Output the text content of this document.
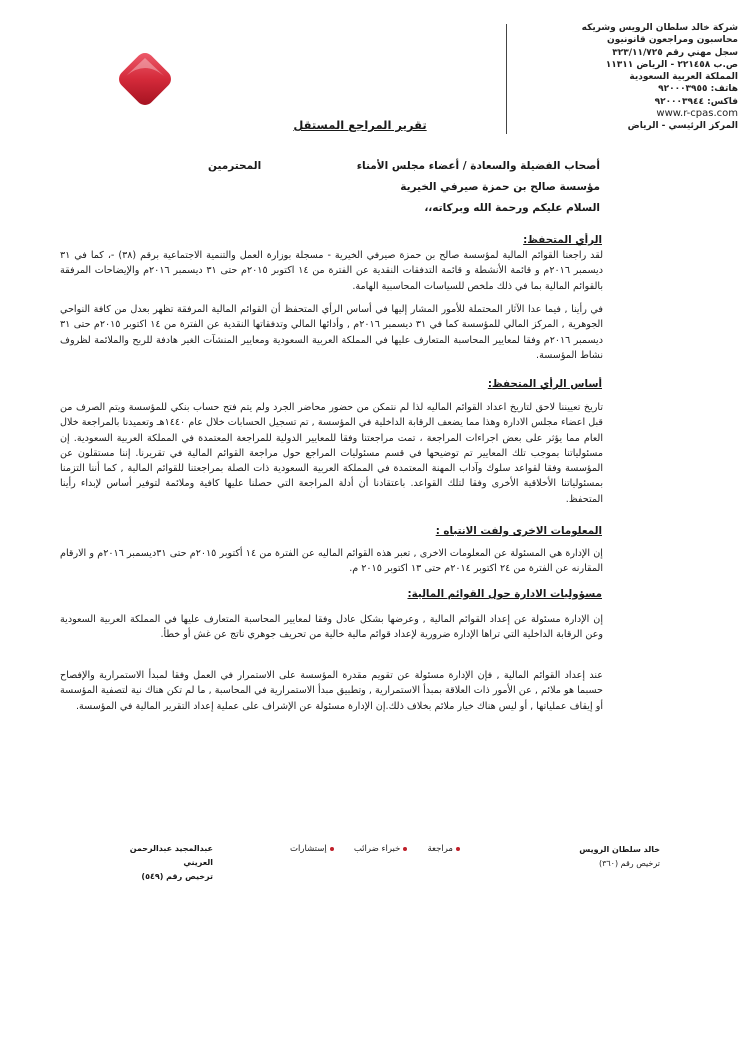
شركة خالد سلطان الرويس وشريكه
محاسبون ومراجعون قانونيون
سجل مهني رقم ٣٢٣/١١/٧٢٥
ص.ب ٢٢١٤٥٨ - الرياض ١١٣١١
المملكة العربية السعودية
هاتف: ٩٢٠٠٠٣٩٥٥
فاكس: ٩٢٠٠٠٣٩٤٤
www.r-cpas.com
المركز الرئيسي - الرياض
تقرير المراجع المستقل
أصحاب الفضيلة والسعادة / أعضاء مجلس الأمناء
المحترمين
مؤسسة صالح بن حمزة صيرفي الخيرية
السلام عليكم ورحمة الله وبركاته،،
الرأي المتحفظ:
لقد راجعنا القوائم المالية لمؤسسة صالح بن حمزة صيرفي الخيرية - مسجلة بوزارة العمل والتنمية الاجتماعية برقم (٣٨) -، كما في ٣١ ديسمبر ٢٠١٦م و قائمة الأنشطة و قائمة التدفقات النقدية عن الفترة من ١٤ اكتوبر ٢٠١٥م حتى ٣١ ديسمبر ٢٠١٦م والإيضاحات المرفقة بالقوائم المالية بما في ذلك ملخص للسياسات المحاسبية الهامة.
في رأينا , فيما عدا الآثار المحتملة للأمور المشار إليها في أساس الرأي المتحفظ أن القوائم المالية المرفقة تظهر بعدل من كافة النواحي الجوهرية , المركز المالي للمؤسسة كما في ٣١ ديسمبر ٢٠١٦م , وأدائها المالي وتدفقاتها النقدية عن الفترة من ١٤ اكتوبر ٢٠١٥م حتى ٣١ ديسمبر ٢٠١٦م وفقا لمعايير المحاسبة المتعارف عليها في المملكة العربية السعودية ومعايير المنشآت الغير هادفة للربح والملائمة لظروف نشاط المؤسسة.
أساس الرأي المتحفظ:
تاريخ تعييننا لاحق لتاريخ اعداد القوائم الماليه لذا لم نتمكن من حضور محاضر الجرد ولم يتم فتح حساب بنكي للمؤسسة ويتم الصرف من قبل اعضاء مجلس الادارة وهذا مما يضعف الرقابة الداخلية في المؤسسة , تم تسجيل الحسابات خلال عام ١٤٤٠هـ وتعميدنا بالمراجعة خلال العام مما يؤثر على بعض اجراءات المراجعة ، تمت مراجعتنا وفقا للمعايير الدولية للمراجعة المعتمدة في المملكة العربية السعودية. إن مسئولياتنا بموجب تلك المعايير تم توضيحها في قسم مسئوليات المراجع حول مراجعة القوائم المالية في تقريرنا. إننا مستقلون عن المؤسسة وفقا لقواعد سلوك وآداب المهنة المعتمدة في المملكة العربية السعودية ذات الصلة بمراجعتنا للقوائم المالية , كما أننا التزمنا بمسئولياتنا الأخلاقية الأخرى وفقا لتلك القواعد. باعتقادنا أن أدلة المراجعة التي حصلنا عليها كافية وملائمة لتوفير أساس لإبداء رأينا المتحفظ.
المعلومات الاخرى ولفت الانتباه :
إن الإدارة هي المسئولة عن المعلومات الاخرى , تعبر هذه القوائم الماليه عن الفترة من ١٤ أكتوبر ٢٠١٥م حتى ٣١ديسمبر ٢٠١٦م و الارقام المقارنه عن الفترة من ٢٤ اكتوبر ٢٠١٤م حتى ١٣ اكتوبر ٢٠١٥ م.
مسؤوليات الادارة حول القوائم المالية:
إن الإدارة مسئولة عن إعداد القوائم المالية , وعرضها بشكل عادل وفقا لمعايير المحاسبة المتعارف عليها في المملكة العربية السعودية وعن الرقابة الداخلية التي تراها الإدارة ضرورية لإعداد قوائم مالية خالية من تحريف جوهري ناتج عن غش أو خطأ.
عند إعداد القوائم المالية , فإن الإدارة مسئولة عن تقويم مقدرة المؤسسة على الاستمرار في العمل وفقا لمبدأ الاستمرارية والإفصاح حسبما هو ملائم , عن الأمور ذات العلاقة بمبدأ الاستمرارية , وتطبيق مبدأ الاستمرارية في المحاسبة , ما لم تكن هناك نية لتصفية المؤسسة أو إيقاف عملياتها , أو ليس هناك خيار ملائم بخلاف ذلك.إن الإدارة مسئولة عن الإشراف على عملية إعداد التقرير المالية في المؤسسة.
خالد سلطان الرويس
ترخيص رقم (٣٦٠)
مراجعة
خبراء ضرائب
إستشارات
عبدالمجيد عبدالرحمن العريني
ترخيص رقم (٥٤٩)
